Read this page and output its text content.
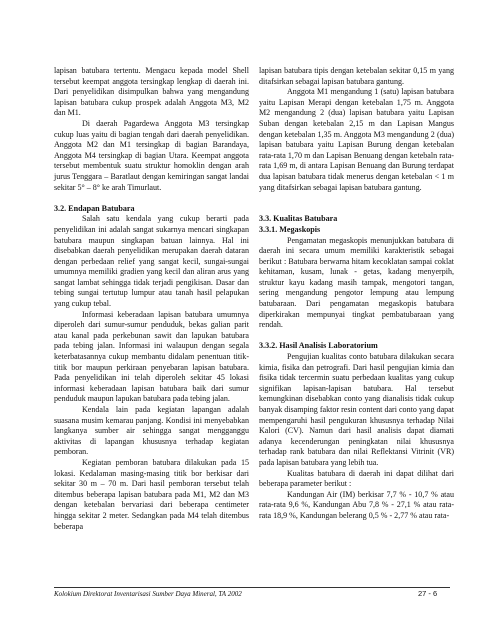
lapisan batubara tertentu. Mengacu kepada model Shell tersebut keempat anggota tersingkap lengkap di daerah ini. Dari penyelidikan disimpulkan bahwa yang mengandung lapisan batubara cukup prospek adalah Anggota M3, M2 dan M1.

Di daerah Pagardewa Anggota M3 tersingkap cukup luas yaitu di bagian tengah dari daerah penyelidikan. Anggota M2 dan M1 tersingkap di bagian Barandaya, Anggota M4 tersingkap di bagian Utara. Keempat anggota tersebut membentuk suatu struktur homoklin dengan arah jurus Tenggara – Baratlaut dengan kemiringan sangat landai sekitar 5° – 8° ke arah Timurlaut.

3.2. Endapan Batubara

Salah satu kendala yang cukup berarti pada penyelidikan ini adalah sangat sukarnya mencari singkapan batubara maupun singkapan batuan lainnya. Hal ini disebabkan daerah penyelidikan merupakan daerah dataran dengan perbedaan relief yang sangat kecil, sungai-sungai umumnya memiliki gradien yang kecil dan aliran arus yang sangat lambat sehingga tidak terjadi pengikisan. Dasar dan tebing sungai tertutup lumpur atau tanah hasil pelapukan yang cukup tebal.

Informasi keberadaan lapisan batubara umumnya diperoleh dari sumur-sumur penduduk, bekas galian parit atau kanal pada perkebunan sawit dan lapukan batubara pada tebing jalan. Informasi ini walaupun dengan segala keterbatasannya cukup membantu didalam penentuan titik-titik bor maupun perkiraan penyebaran lapisan batubara. Pada penyelidikan ini telah diperoleh sekitar 45 lokasi informasi keberadaan lapisan batubara baik dari sumur penduduk maupun lapukan batubara pada tebing jalan.

Kendala lain pada kegiatan lapangan adalah suasana musim kemarau panjang. Kondisi ini menyebabkan langkanya sumber air sehingga sangat mengganggu aktivitas di lapangan khususnya terhadap kegiatan pemboran.

Kegiatan pemboran batubara dilakukan pada 15 lokasi. Kedalaman masing-masing titik bor berkisar dari sekitar 30 m – 70 m. Dari hasil pemboran tersebut telah ditembus beberapa lapisan batubara pada M1, M2 dan M3 dengan ketebalan bervariasi dari beberapa centimeter hingga sekitar 2 meter. Sedangkan pada M4 telah ditembus beberapa

lapisan batubara tipis dengan ketebalan sekitar 0,15 m yang ditafsirkan sebagai lapisan batubara gantung.

Anggota M1 mengandung 1 (satu) lapisan batubara yaitu Lapisan Merapi dengan ketebalan 1,75 m. Anggota M2 mengandung 2 (dua) lapisan batubara yaitu Lapisan Suban dengan ketebalan 2,15 m dan Lapisan Mangus dengan ketebalan 1,35 m. Anggota M3 mengandung 2 (dua) lapisan batubara yaitu Lapisan Burung dengan ketebalan rata-rata 1,70 m dan Lapisan Benuang dengan ketebaln rata-rata 1,69 m, di antara Lapisan Benuang dan Burung terdapat dua lapisan batubara tidak menerus dengan ketebalan < 1 m yang ditafsirkan sebagai lapisan batubara gantung.

3.3. Kualitas Batubara

3.3.1. Megaskopis

Pengamatan megaskopis menunjukkan batubara di daerah ini secara umum memiliki karakteristik sebagai berikut : Batubara berwarna hitam kecoklatan sampai coklat kehitaman, kusam, lunak - getas, kadang menyerpih, struktur kayu kadang masih tampak, mengotori tangan, sering mengandung pengotor lempung atau lempung batubaraan. Dari pengamatan megaskopis batubara diperkirakan mempunyai tingkat pembatubaraan yang rendah.

3.3.2. Hasil Analisis Laboratorium

Pengujian kualitas conto batubara dilakukan secara kimia, fisika dan petrografi. Dari hasil pengujian kimia dan fisika tidak tercermin suatu perbedaan kualitas yang cukup signifikan lapisan-lapisan batubara. Hal tersebut kemungkinan disebabkan conto yang dianalisis tidak cukup banyak disamping faktor resin content dari conto yang dapat mempengaruhi hasil pengukuran khususnya terhadap Nilai Kalori (CV). Namun dari hasil analisis dapat diamati adanya kecenderungan peningkatan nilai khususnya terhadap rank batubara dan nilai Reflektansi Vitrinit (VR) pada lapisan batubara yang lebih tua.

Kualitas batubara di daerah ini dapat dilihat dari beberapa parameter berikut :

Kandungan Air (IM) berkisar 7,7 % - 10,7 % atau rata-rata 9,6 %, Kandungan Abu 7,8 % - 27,1 % atau rata-rata 18,9 %, Kandungan belerang 0,5 % - 2,77 % atau rata-

Kolokium Direktorat Inventarisasi Sumber Daya Mineral, TA 2002	27 - 6
